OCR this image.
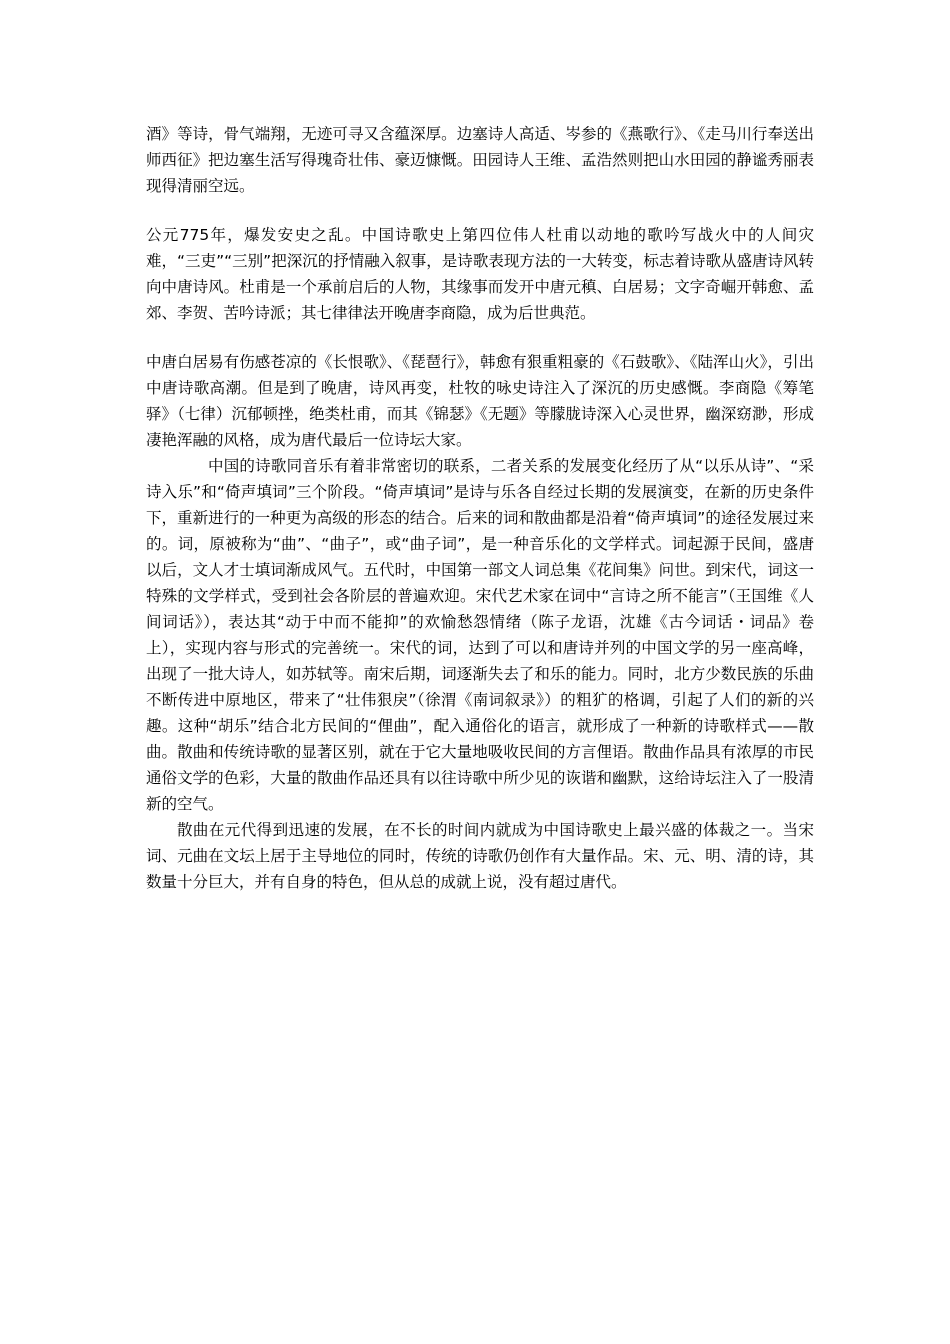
酒》等诗，骨气端翔，无迹可寻又含蕴深厚。边塞诗人高适、岑参的《燕歌行》、《走马川行奉送出师西征》把边塞生活写得瑰奇壮伟、豪迈慷慨。田园诗人王维、孟浩然则把山水田园的静谧秀丽表现得清丽空远。

公元775年，爆发安史之乱。中国诗歌史上第四位伟人杜甫以动地的歌吟写战火中的人间灾难，“三吏”“三别”把深沉的抒情融入叙事，是诗歌表现方法的一大转变，标志着诗歌从盛唐诗风转向中唐诗风。杜甫是一个承前启后的人物，其缘事而发开中唐元稹、白居易；文字奇崛开韩愈、孟郊、李贺、苦吟诗派；其七律律法开晚唐李商隐，成为后世典范。

中唐白居易有伤感苍凉的《长恨歌》、《琵琶行》，韩愈有狠重粗豪的《石鼓歌》、《陆浑山火》，引出中唐诗歌高潮。但是到了晚唐，诗风再变，杜牧的咏史诗注入了深沉的历史感慨。李商隐《筹笔驿》（七律）沉郁顿挫，绝类杜甫，而其《锦瑟》《无题》等朦胧诗深入心灵世界，幽深窈渺，形成凄艳浑融的风格，成为唐代最后一位诗坛大家。

中国的诗歌同音乐有着非常密切的联系，二者关系的发展变化经历了从“以乐从诗”、“采诗入乐”和“倚声填词”三个阶段。“倚声填词”是诗与乐各自经过长期的发展演变，在新的历史条件下，重新进行的一种更为高级的形态的结合。后来的词和散曲都是沿着“倚声填词”的途径发展过来的。词，原被称为“曲”、“曲子”，或“曲子词”，是一种音乐化的文学样式。词起源于民间，盛唐以后，文人才士填词渐成风气。五代时，中国第一部文人词总集《花间集》问世。到宋代，词这一特殊的文学样式，受到社会各阶层的普遍欢迎。宋代艺术家在词中“言诗之所不能言”（王国维《人间词话》），表达其“动于中而不能抑”的欢愉愁怨情绪（陈子龙语，沈雄《古今词话・词品》卷上），实现内容与形式的完善统一。宋代的词，达到了可以和唐诗并列的中国文学的另一座高峰，出现了一批大诗人，如苏轼等。南宋后期，词逐渐失去了和乐的能力。同时，北方少数民族的乐曲不断传进中原地区，带来了“壮伟狠戾”（徐渭《南词叙录》）的粗犷的格调，引起了人们的新的兴趣。这种“胡乐”结合北方民间的“俚曲”，配入通俗化的语言，就形成了一种新的诗歌样式——散曲。散曲和传统诗歌的显著区别，就在于它大量地吸收民间的方言俚语。散曲作品具有浓厚的市民通俗文学的色彩，大量的散曲作品还具有以往诗歌中所少见的诙谐和幽默，这给诗坛注入了一股清新的空气。

散曲在元代得到迅速的发展，在不长的时间内就成为中国诗歌史上最兴盛的体裁之一。当宋词、元曲在文坛上居于主导地位的同时，传统的诗歌仍创作有大量作品。宋、元、明、清的诗，其数量十分巨大，并有自身的特色，但从总的成就上说，没有超过唐代。
